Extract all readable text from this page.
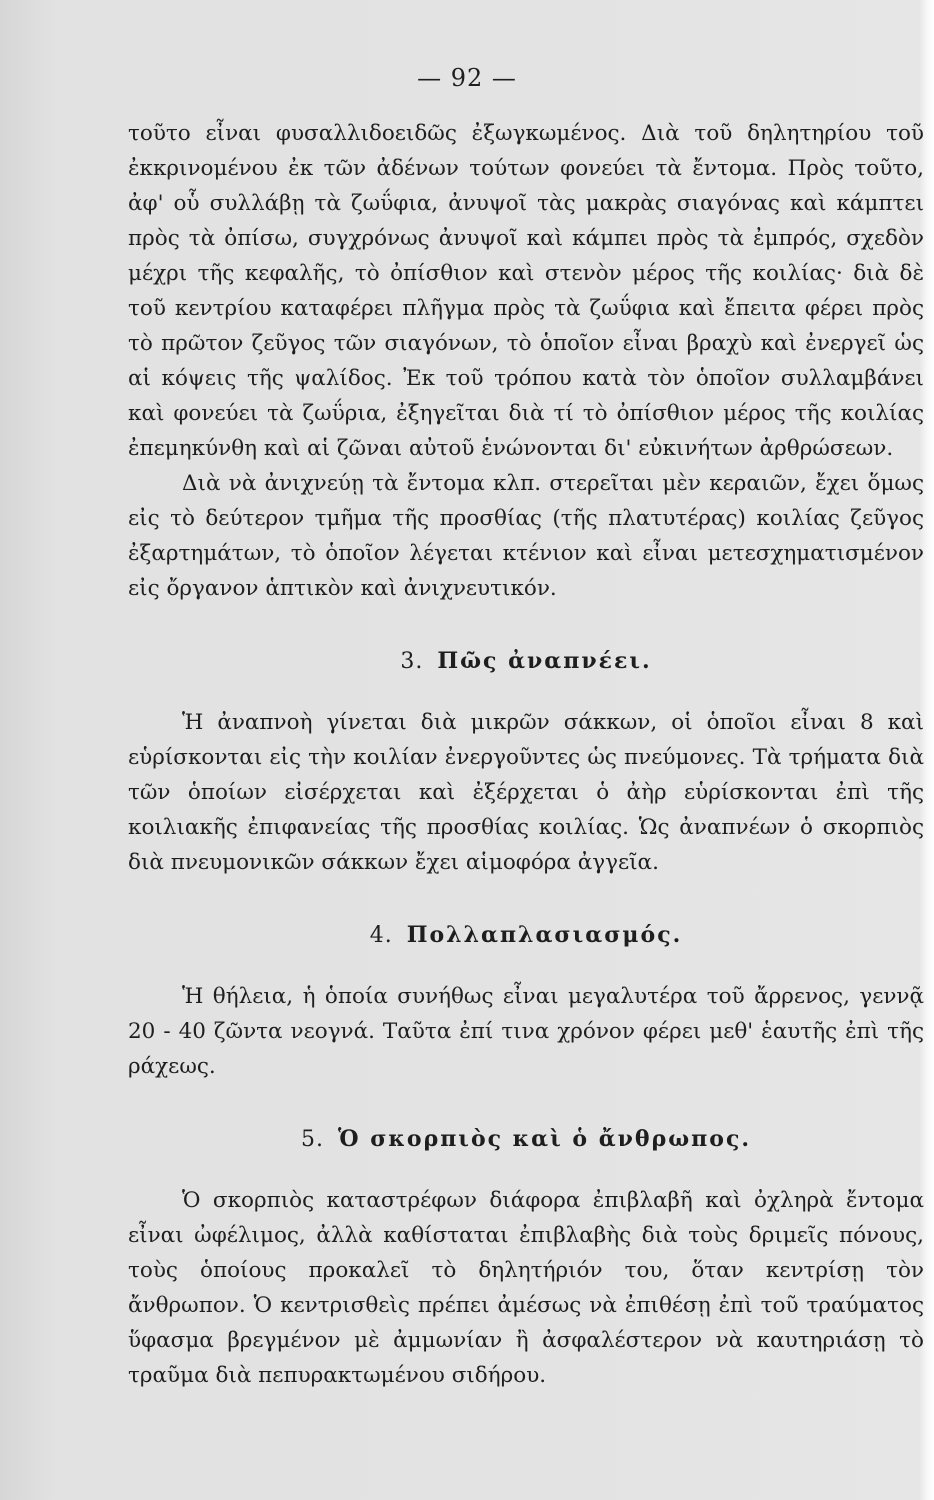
— 92 —

τοῦτο εἶναι φυσαλλιδοειδῶς ἐξωγκωμένος. Διὰ τοῦ δηλητηρίου τοῦ ἐκκρινομένου ἐκ τῶν ἀδένων τούτων φονεύει τὰ ἔντομα. Πρὸς τοῦτο, ἀφ' οὗ συλλάβῃ τὰ ζωΰφια, ἀνυψοῖ τὰς μακρὰς σιαγόνας καὶ κάμπτει πρὸς τὰ ὀπίσω, συγχρόνως ἀνυψοῖ καὶ κάμπει πρὸς τὰ ἐμπρός, σχεδὸν μέχρι τῆς κεφαλῆς, τὸ ὀπίσθιον καὶ στενὸν μέρος τῆς κοιλίας· διὰ δὲ τοῦ κεντρίου καταφέρει πλῆγμα πρὸς τὰ ζωΰφια καὶ ἔπειτα φέρει πρὸς τὸ πρῶτον ζεῦγος τῶν σιαγόνων, τὸ ὁποῖον εἶναι βραχὺ καὶ ἐνεργεῖ ὡς αἱ κόψεις τῆς ψαλίδος. Ἐκ τοῦ τρόπου κατὰ τὸν ὁποῖον συλλαμβάνει καὶ φονεύει τὰ ζωΰρια, ἐξηγεῖται διὰ τί τὸ ὀπίσθιον μέρος τῆς κοιλίας ἐπεμηκύνθη καὶ αἱ ζῶναι αὐτοῦ ἑνώνονται δι' εὐκινήτων ἀρθρώσεων.

Διὰ νὰ ἀνιχνεύῃ τὰ ἔντομα κλπ. στερεῖται μὲν κεραιῶν, ἔχει ὅμως εἰς τὸ δεύτερον τμῆμα τῆς προσθίας (τῆς πλατυτέρας) κοιλίας ζεῦγος ἐξαρτημάτων, τὸ ὁποῖον λέγεται κτένιον καὶ εἶναι μετεσχηματισμένον εἰς ὄργανον ἁπτικὸν καὶ ἀνιχνευτικόν.

3. Πῶς ἀναπνέει.

Ἡ ἀναπνοὴ γίνεται διὰ μικρῶν σάκκων, οἱ ὁποῖοι εἶναι 8 καὶ εὑρίσκονται εἰς τὴν κοιλίαν ἐνεργοῦντες ὡς πνεύμονες. Τὰ τρήματα διὰ τῶν ὁποίων εἰσέρχεται καὶ ἐξέρχεται ὁ ἀὴρ εὑρίσκονται ἐπὶ τῆς κοιλιακῆς ἐπιφανείας τῆς προσθίας κοιλίας. Ὡς ἀναπνέων ὁ σκορπιὸς διὰ πνευμονικῶν σάκκων ἔχει αἱμοφόρα ἀγγεῖα.

4. Πολλαπλασιασμός.

Ἡ θήλεια, ἡ ὁποία συνήθως εἶναι μεγαλυτέρα τοῦ ἄρρενος, γεννᾷ 20 - 40 ζῶντα νεογνά. Ταῦτα ἐπί τινα χρόνον φέρει μεθ' ἑαυτῆς ἐπὶ τῆς ράχεως.

5. Ὁ σκορπιὸς καὶ ὁ ἄνθρωπος.

Ὁ σκορπιὸς καταστρέφων διάφορα ἐπιβλαβῆ καὶ ὀχληρὰ ἔντομα εἶναι ὠφέλιμος, ἀλλὰ καθίσταται ἐπιβλαβὴς διὰ τοὺς δριμεῖς πόνους, τοὺς ὁποίους προκαλεῖ τὸ δηλητήριόν του, ὅταν κεντρίσῃ τὸν ἄνθρωπον. Ὁ κεντρισθεὶς πρέπει ἀμέσως νὰ ἐπιθέσῃ ἐπὶ τοῦ τραύματος ὕφασμα βρεγμένον μὲ ἀμμωνίαν ἢ ἀσφαλέστερον νὰ καυτηριάσῃ τὸ τραῦμα διὰ πεπυρακτωμένου σιδήρου.
